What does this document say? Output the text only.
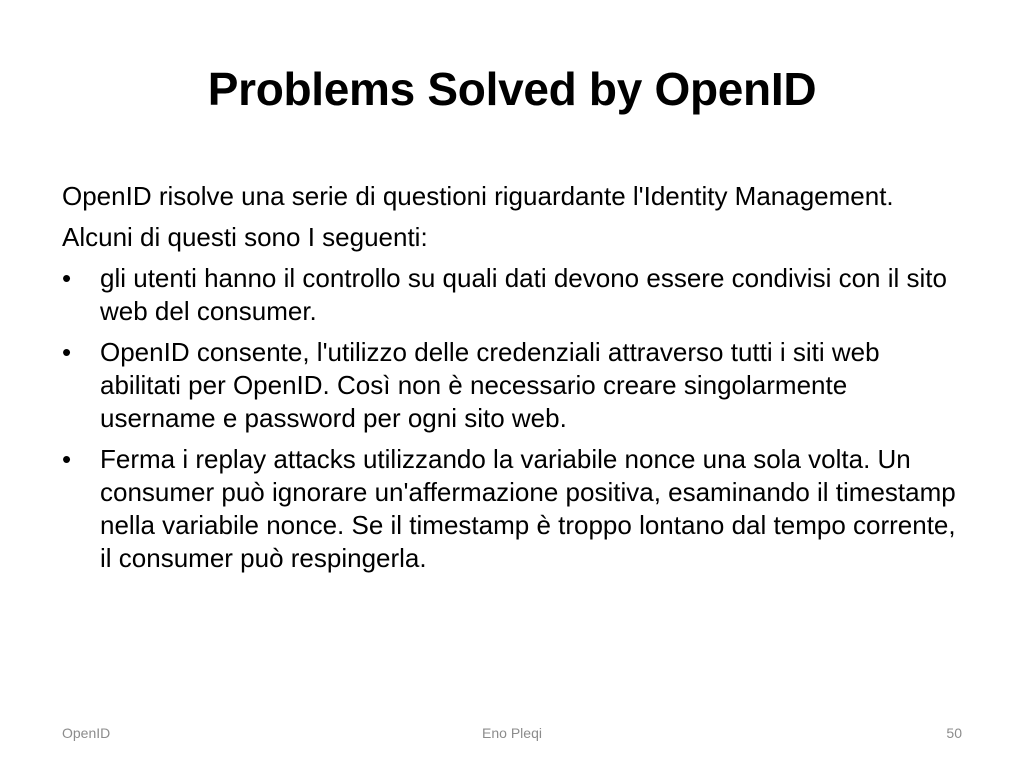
Problems Solved by OpenID

OpenID risolve una serie di questioni riguardante l'Identity Management.

Alcuni di questi sono I seguenti:

•	gli utenti hanno il controllo su quali dati devono essere condivisi con il sito web del consumer.
•	OpenID consente, l'utilizzo delle credenziali attraverso tutti i siti web abilitati per OpenID. Così non è necessario creare singolarmente username e password per ogni sito web.
•	Ferma i replay attacks utilizzando la variabile nonce una sola volta. Un consumer può ignorare un'affermazione positiva, esaminando il timestamp nella variabile nonce. Se il timestamp è troppo lontano dal tempo corrente, il consumer può respingerla.
OpenID	Eno Pleqi	50
